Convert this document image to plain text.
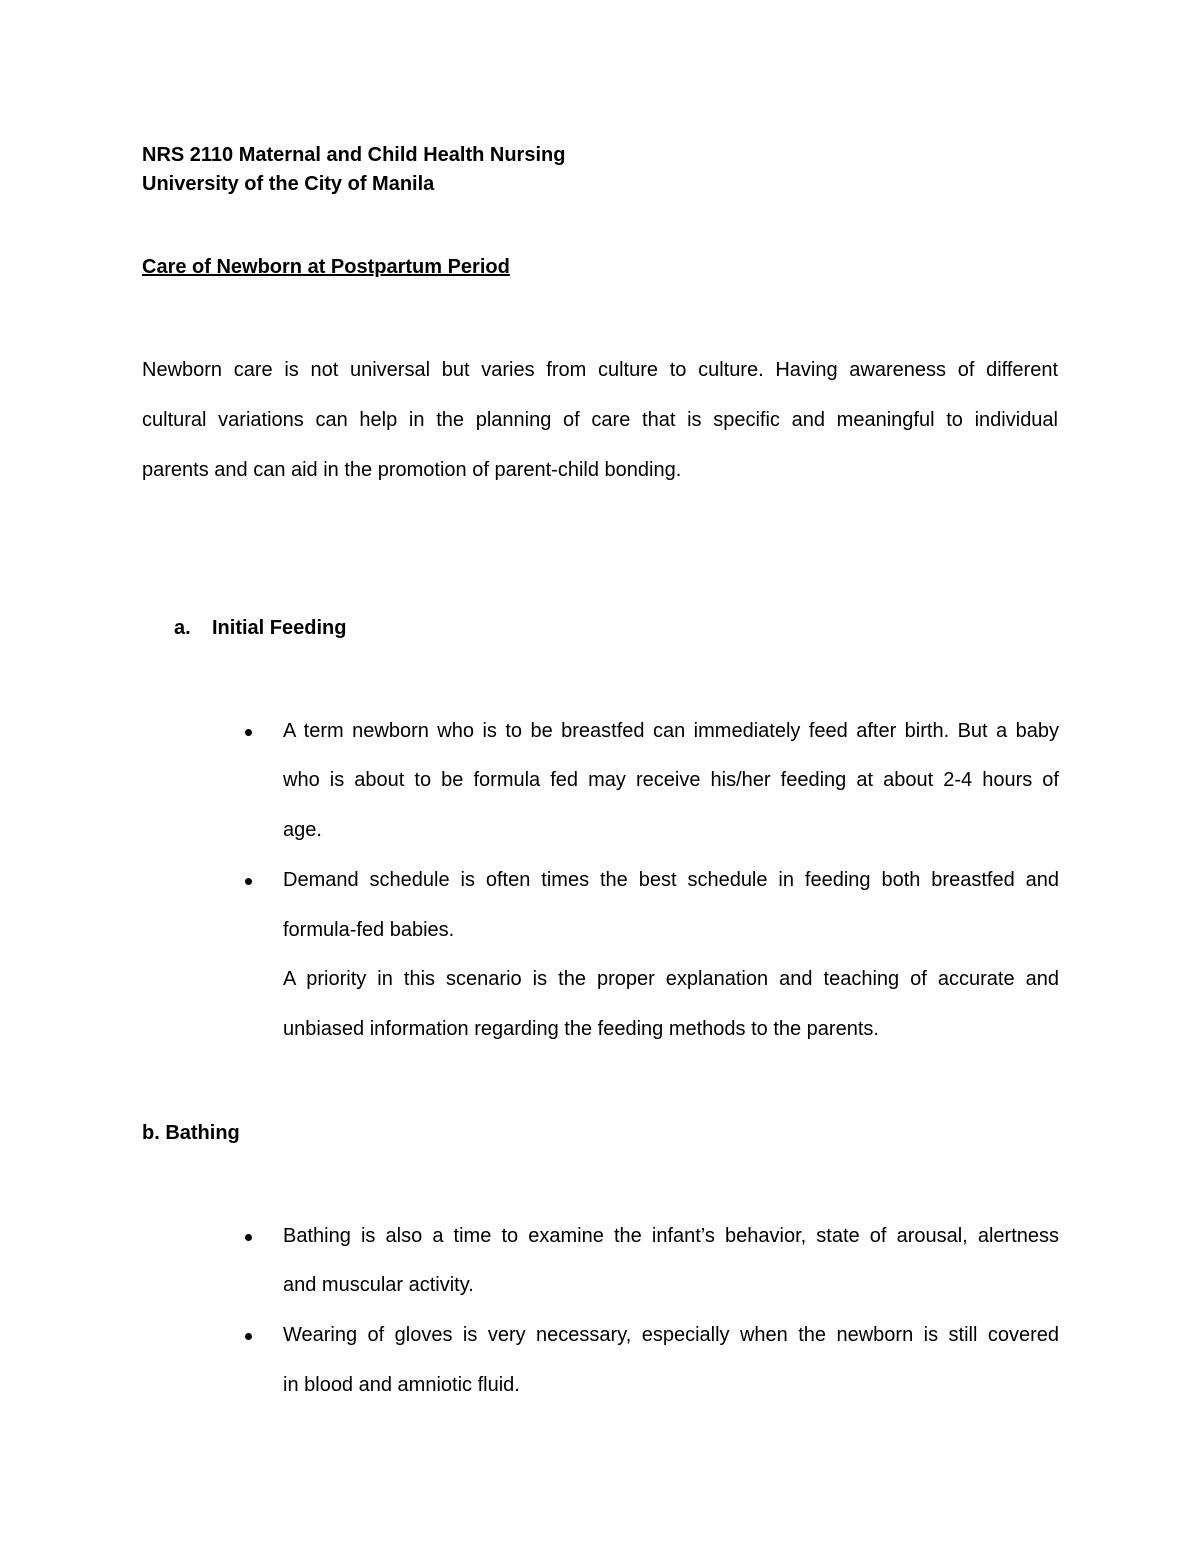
NRS 2110 Maternal and Child Health Nursing
University of the City of Manila
Care of Newborn at Postpartum Period
Newborn care is not universal but varies from culture to culture. Having awareness of different
cultural variations can help in the planning of care that is specific and meaningful to individual
parents and can aid in the promotion of parent-child bonding.
a. Initial Feeding
A term newborn who is to be breastfed can immediately feed after birth. But a baby
who is about to be formula fed may receive his/her feeding at about 2-4 hours of
age.
Demand schedule is often times the best schedule in feeding both breastfed and
formula-fed babies.
A priority in this scenario is the proper explanation and teaching of accurate and
unbiased information regarding the feeding methods to the parents.
b. Bathing
Bathing is also a time to examine the infant’s behavior, state of arousal, alertness
and muscular activity.
Wearing of gloves is very necessary, especially when the newborn is still covered
in blood and amniotic fluid.
